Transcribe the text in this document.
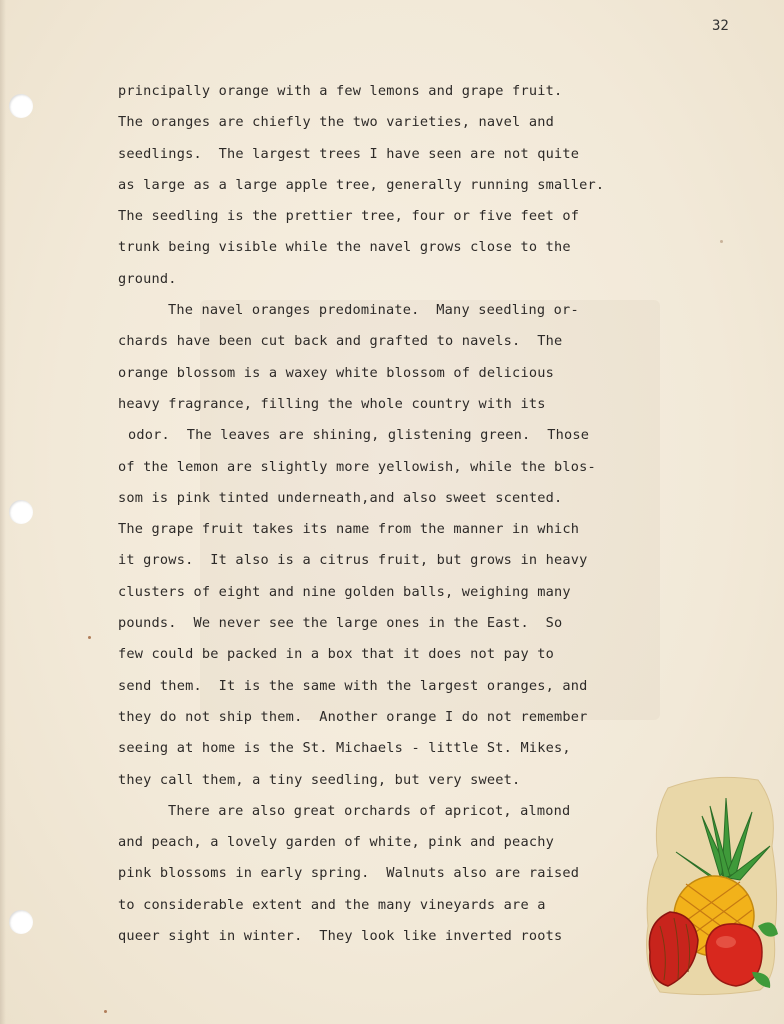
32
principally orange with a few lemons and grape fruit.
The oranges are chiefly the two varieties, navel and
seedlings.  The largest trees I have seen are not quite
as large as a large apple tree, generally running smaller.
The seedling is the prettier tree, four or five feet of
trunk being visible while the navel grows close to the
ground.
The navel oranges predominate.  Many seedling or-
chards have been cut back and grafted to navels.  The
orange blossom is a waxey white blossom of delicious
heavy fragrance, filling the whole country with its
odor.  The leaves are shining, glistening green.  Those
of the lemon are slightly more yellowish, while the blos-
som is pink tinted underneath,and also sweet scented.
The grape fruit takes its name from the manner in which
it grows.  It also is a citrus fruit, but grows in heavy
clusters of eight and nine golden balls, weighing many
pounds.  We never see the large ones in the East.  So
few could be packed in a box that it does not pay to
send them.  It is the same with the largest oranges, and
they do not ship them.  Another orange I do not remember
seeing at home is the St. Michaels - little St. Mikes,
they call them, a tiny seedling, but very sweet.
There are also great orchards of apricot, almond
and peach, a lovely garden of white, pink and peachy
pink blossoms in early spring.  Walnuts also are raised
to considerable extent and the many vineyards are a
queer sight in winter.  They look like inverted roots
